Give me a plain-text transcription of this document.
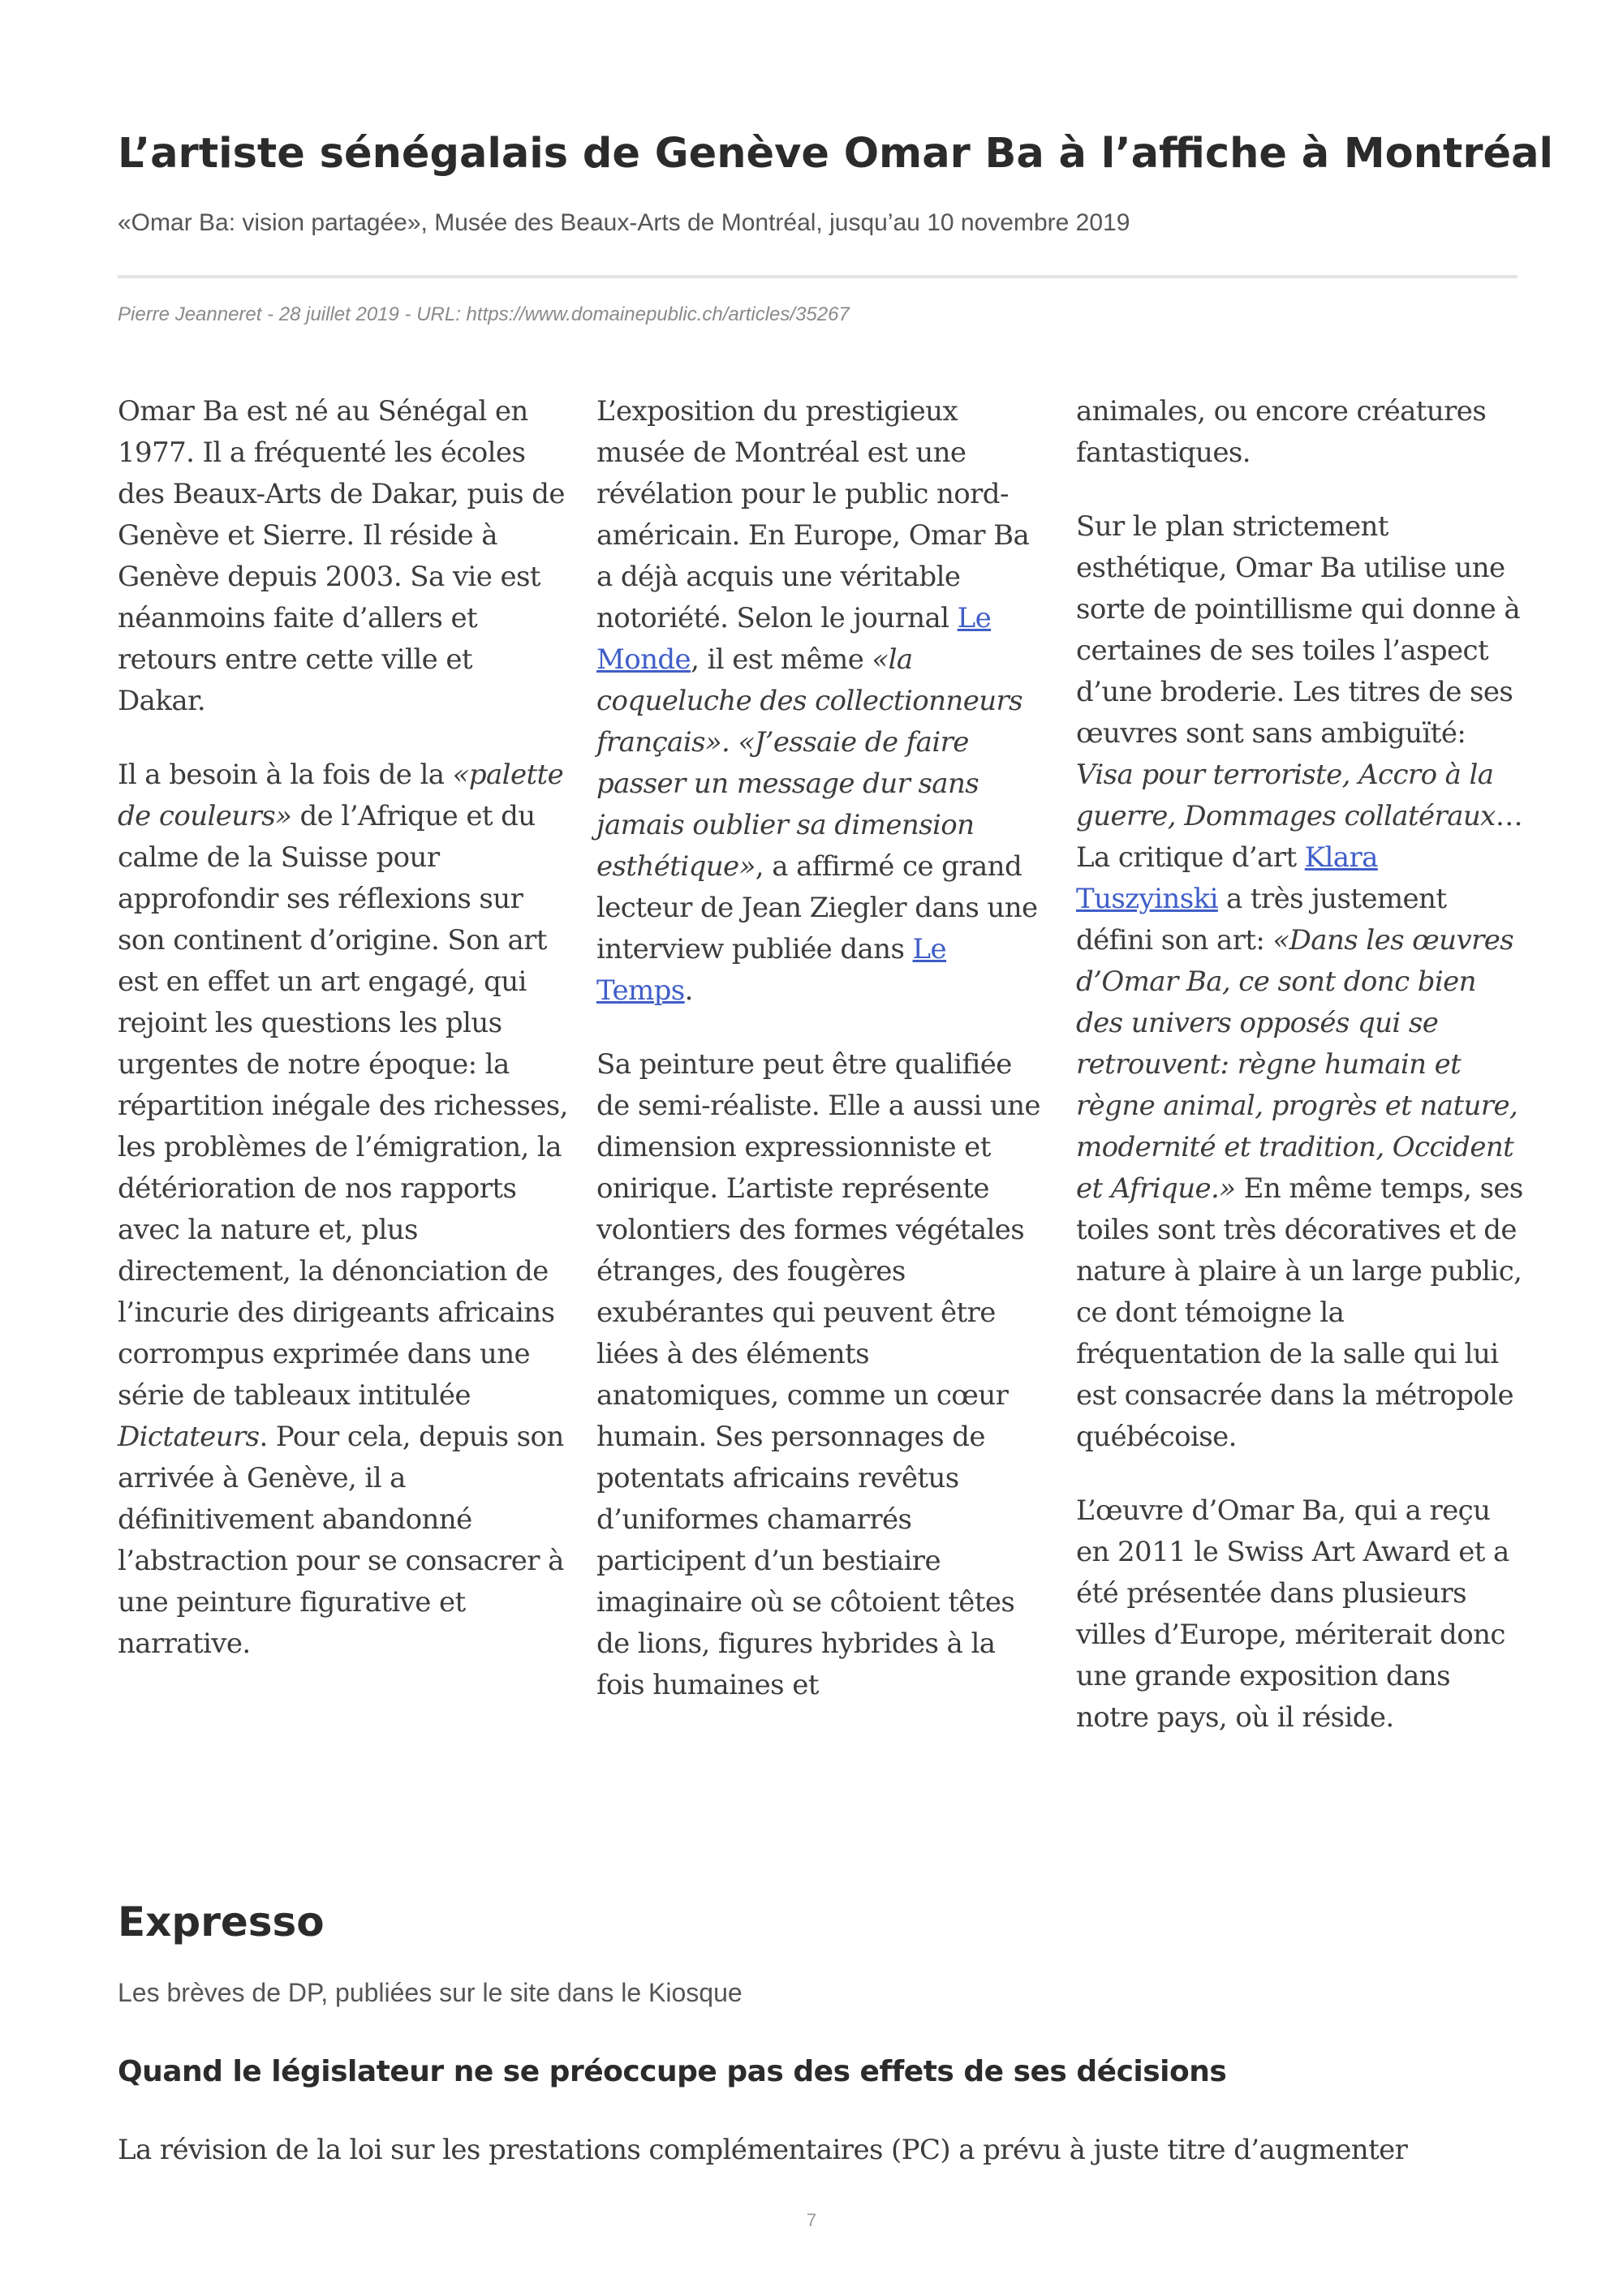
L’artiste sénégalais de Genève Omar Ba à l’affiche à Montréal

«Omar Ba: vision partagée», Musée des Beaux-Arts de Montréal, jusqu’au 10 novembre 2019

Pierre Jeanneret - 28 juillet 2019 - URL: https://www.domainepublic.ch/articles/35267

Omar Ba est né au Sénégal en 1977. Il a fréquenté les écoles des Beaux-Arts de Dakar, puis de Genève et Sierre. Il réside à Genève depuis 2003. Sa vie est néanmoins faite d’allers et retours entre cette ville et Dakar.

Il a besoin à la fois de la «palette de couleurs» de l’Afrique et du calme de la Suisse pour approfondir ses réflexions sur son continent d’origine. Son art est en effet un art engagé, qui rejoint les questions les plus urgentes de notre époque: la répartition inégale des richesses, les problèmes de l’émigration, la détérioration de nos rapports avec la nature et, plus directement, la dénonciation de l’incurie des dirigeants africains corrompus exprimée dans une série de tableaux intitulée Dictateurs. Pour cela, depuis son arrivée à Genève, il a définitivement abandonné l’abstraction pour se consacrer à une peinture figurative et narrative.

L’exposition du prestigieux musée de Montréal est une révélation pour le public nord-américain. En Europe, Omar Ba a déjà acquis une véritable notoriété. Selon le journal Le Monde, il est même «la coqueluche des collectionneurs français». «J’essaie de faire passer un message dur sans jamais oublier sa dimension esthétique», a affirmé ce grand lecteur de Jean Ziegler dans une interview publiée dans Le Temps.

Sa peinture peut être qualifiée de semi-réaliste. Elle a aussi une dimension expressionniste et onirique. L’artiste représente volontiers des formes végétales étranges, des fougères exubérantes qui peuvent être liées à des éléments anatomiques, comme un cœur humain. Ses personnages de potentats africains revêtus d’uniformes chamarrés participent d’un bestiaire imaginaire où se côtoient têtes de lions, figures hybrides à la fois humaines et

animales, ou encore créatures fantastiques.

Sur le plan strictement esthétique, Omar Ba utilise une sorte de pointillisme qui donne à certaines de ses toiles l’aspect d’une broderie. Les titres de ses œuvres sont sans ambiguïté: Visa pour terroriste, Accro à la guerre, Dommages collatéraux… La critique d’art Klara Tuszyinski a très justement défini son art: «Dans les œuvres d’Omar Ba, ce sont donc bien des univers opposés qui se retrouvent: règne humain et règne animal, progrès et nature, modernité et tradition, Occident et Afrique.» En même temps, ses toiles sont très décoratives et de nature à plaire à un large public, ce dont témoigne la fréquentation de la salle qui lui est consacrée dans la métropole québécoise.

L’œuvre d’Omar Ba, qui a reçu en 2011 le Swiss Art Award et a été présentée dans plusieurs villes d’Europe, mériterait donc une grande exposition dans notre pays, où il réside.

Expresso

Les brèves de DP, publiées sur le site dans le Kiosque

Quand le législateur ne se préoccupe pas des effets de ses décisions

La révision de la loi sur les prestations complémentaires (PC) a prévu à juste titre d’augmenter

7
